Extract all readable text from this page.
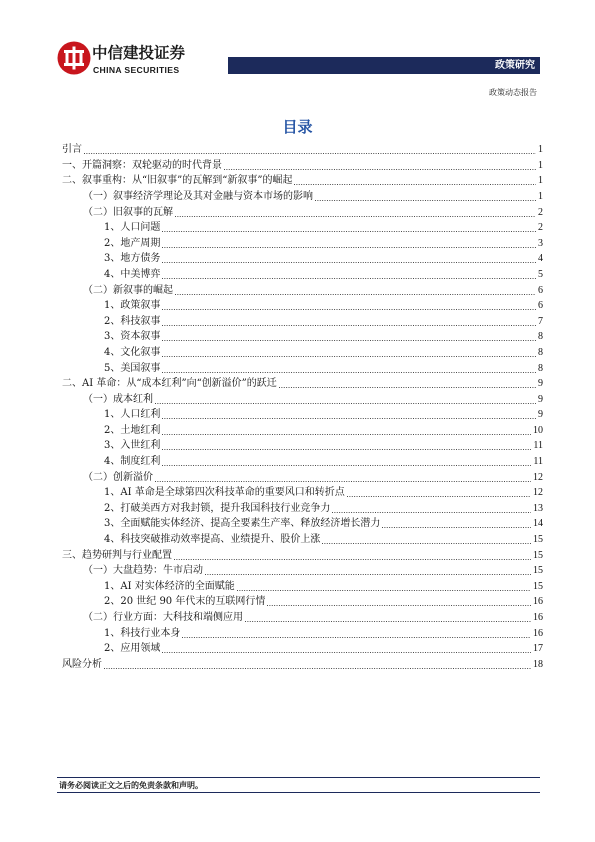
中信建投证券
CHINA SECURITIES	政策研究
政策动态报告
目录
引言	1
一、开篇洞察：双轮驱动的时代背景	1
二、叙事重构：从“旧叙事”的瓦解到“新叙事”的崛起	1
（一）叙事经济学理论及其对金融与资本市场的影响	1
（二）旧叙事的瓦解	2
1、人口问题	2
2、地产周期	3
3、地方债务	4
4、中美博弈	5
（二）新叙事的崛起	6
1、政策叙事	6
2、科技叙事	7
3、资本叙事	8
4、文化叙事	8
5、美国叙事	8
二、AI 革命：从“成本红利”向“创新溢价”的跃迁	9
（一）成本红利	9
1、人口红利	9
2、土地红利	10
3、入世红利	11
4、制度红利	11
（二）创新溢价	12
1、AI 革命是全球第四次科技革命的重要风口和转折点	12
2、打破美西方对我封锁，提升我国科技行业竞争力	13
3、全面赋能实体经济、提高全要素生产率、释放经济增长潜力	14
4、科技突破推动效率提高、业绩提升、股价上涨	15
三、趋势研判与行业配置	15
（一）大盘趋势：牛市启动	15
1、AI 对实体经济的全面赋能	15
2、20 世纪 90 年代末的互联网行情	16
（二）行业方面：大科技和端侧应用	16
1、科技行业本身	16
2、应用领域	17
风险分析	18
请务必阅读正文之后的免责条款和声明。
